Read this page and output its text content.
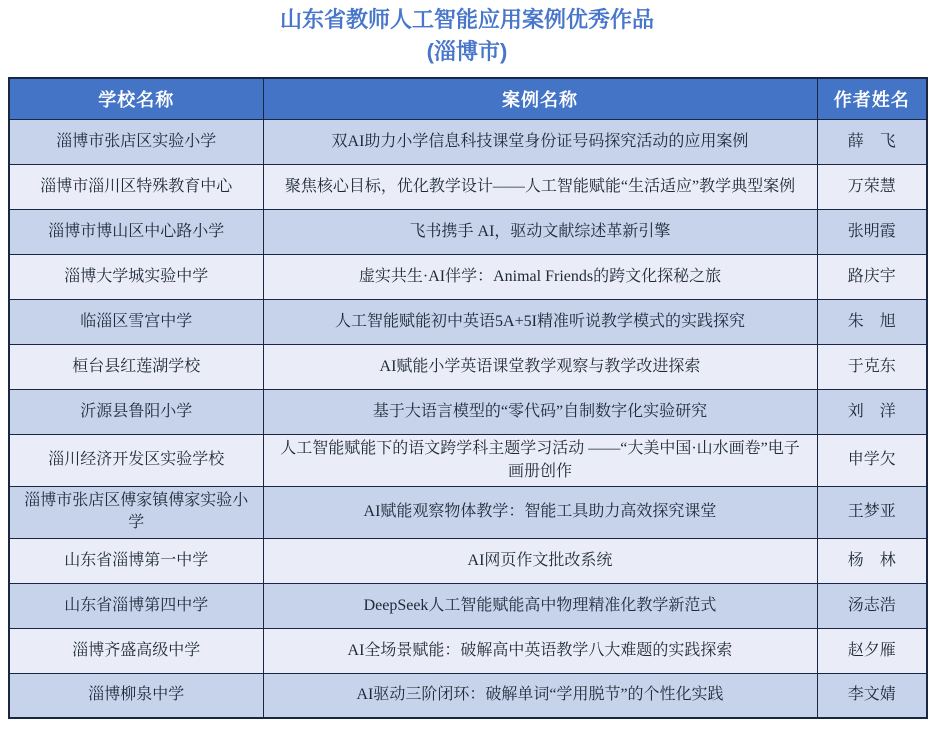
山东省教师人工智能应用案例优秀作品
(淄博市)
学校名称	案例名称	作者姓名
淄博市张店区实验小学	双AI助力小学信息科技课堂身份证号码探究活动的应用案例	薛　飞
淄博市淄川区特殊教育中心	聚焦核心目标，优化教学设计——人工智能赋能“生活适应”教学典型案例	万荣慧
淄博市博山区中心路小学	飞书携手 AI，驱动文献综述革新引擎	张明霞
淄博大学城实验中学	虚实共生·AI伴学：Animal Friends的跨文化探秘之旅	路庆宇
临淄区雪宫中学	人工智能赋能初中英语5A+5I精准听说教学模式的实践探究	朱　旭
桓台县红莲湖学校	AI赋能小学英语课堂教学观察与教学改进探索	于克东
沂源县鲁阳小学	基于大语言模型的“零代码”自制数字化实验研究	刘　洋
淄川经济开发区实验学校	人工智能赋能下的语文跨学科主题学习活动 ——“大美中国·山水画卷”电子画册创作	申学欠
淄博市张店区傅家镇傅家实验小学	AI赋能观察物体教学：智能工具助力高效探究课堂	王梦亚
山东省淄博第一中学	AI网页作文批改系统	杨　林
山东省淄博第四中学	DeepSeek人工智能赋能高中物理精准化教学新范式	汤志浩
淄博齐盛高级中学	AI全场景赋能：破解高中英语教学八大难题的实践探索	赵夕雁
淄博柳泉中学	AI驱动三阶闭环：破解单词“学用脱节”的个性化实践	李文婧
